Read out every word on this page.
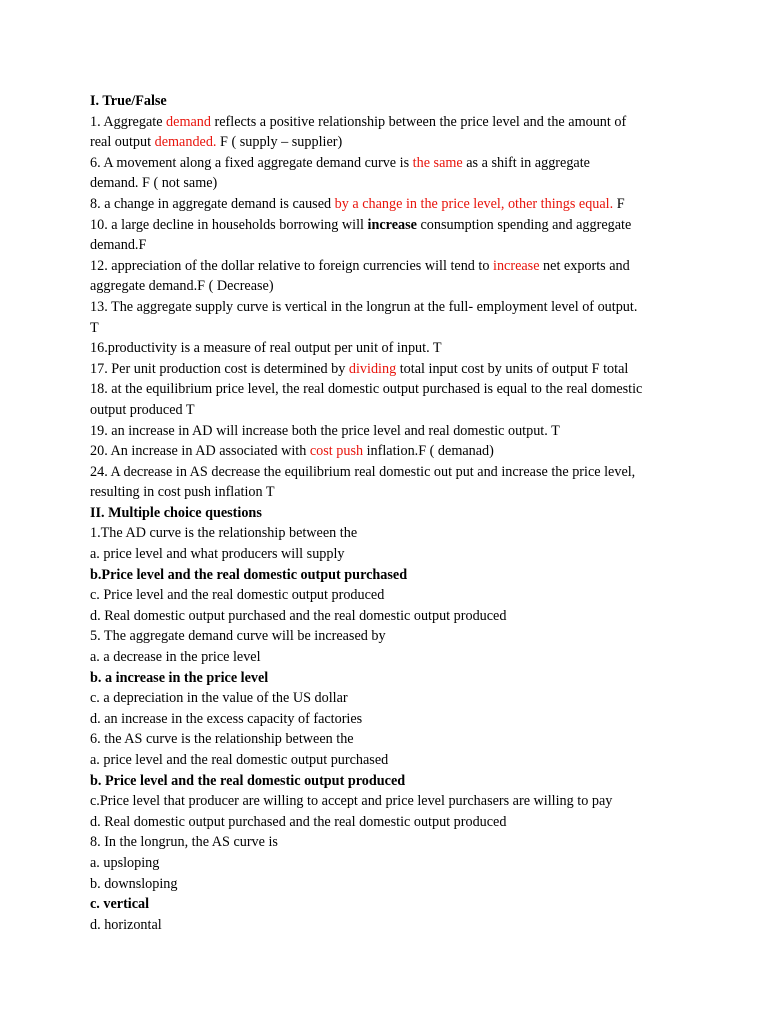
I. True/False
1. Aggregate demand reflects a positive relationship between the price level and the amount of
real output demanded. F ( supply – supplier)
6. A movement along a fixed aggregate demand curve is the same as a shift in aggregate
demand. F ( not same)
8. a change in aggregate demand is caused by a change in the price level, other things equal. F
10. a large decline in households borrowing will increase consumption spending and aggregate
demand.F
12. appreciation of the dollar relative to foreign currencies will tend to increase net exports and
aggregate demand.F ( Decrease)
13. The aggregate supply curve is vertical in the longrun at the full- employment level of output.
T
16.productivity is a measure of real output per unit of input. T
17. Per unit production cost is determined by dividing total input cost by units of output F total
18. at the equilibrium price level, the real domestic output purchased is equal to the real domestic
output produced T
19. an increase in AD will increase both the price level and real domestic output. T
20. An increase in AD associated with cost push inflation.F ( demanad)
24. A decrease in AS decrease the equilibrium real domestic out put and increase the price level,
resulting in cost push inflation T
II. Multiple choice questions
1.The AD curve is the relationship between the
a. price level and what producers will supply
b.Price level and the real domestic output purchased
c. Price level and the real domestic output produced
d. Real domestic output purchased and the real domestic output produced
5. The aggregate demand curve will be increased by
a. a decrease in the price level
b. a increase in the price level
c. a depreciation in the value of the US dollar
d. an increase in the excess capacity of factories
6. the AS curve is the relationship between the
a. price level and the real domestic output purchased
b. Price level and the real domestic output produced
c.Price level that producer are willing to accept and price level purchasers are willing to pay
d. Real domestic output purchased and the real domestic output produced
8. In the longrun, the AS curve is
a. upsloping
b. downsloping
c. vertical
d. horizontal
